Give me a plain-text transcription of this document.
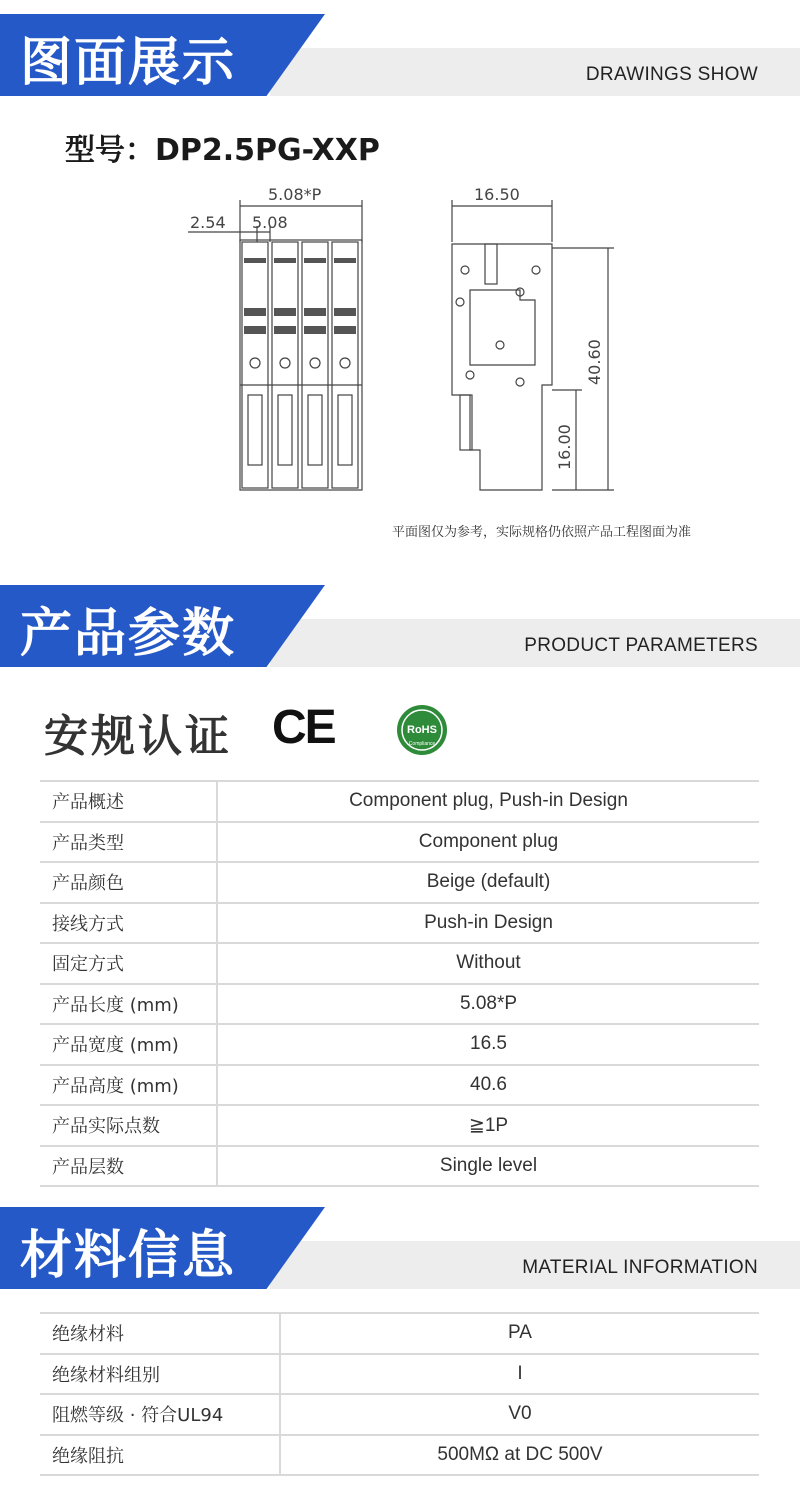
图面展示	DRAWINGS SHOW
型号：DP2.5PG-XXP
5.08*P
2.54 5.08
16.50
40.60
16.00
平面图仅为参考，实际规格仍依照产品工程图面为准
产品参数	PRODUCT PARAMETERS
安规认证 CE	RoHS
Compliance
产品概述	Component plug, Push-in Design
产品类型	Component plug
产品颜色	Beige (default)
接线方式	Push-in Design
固定方式	Without
产品长度 (mm)	5.08*P
产品宽度 (mm)	16.5
产品高度 (mm)	40.6
产品实际点数	≧1P
产品层数	Single level
材料信息	MATERIAL INFORMATION
绝缘材料	PA
绝缘材料组别	I
阻燃等级 · 符合UL94	V0
绝缘阻抗	500MΩ at DC 500V
